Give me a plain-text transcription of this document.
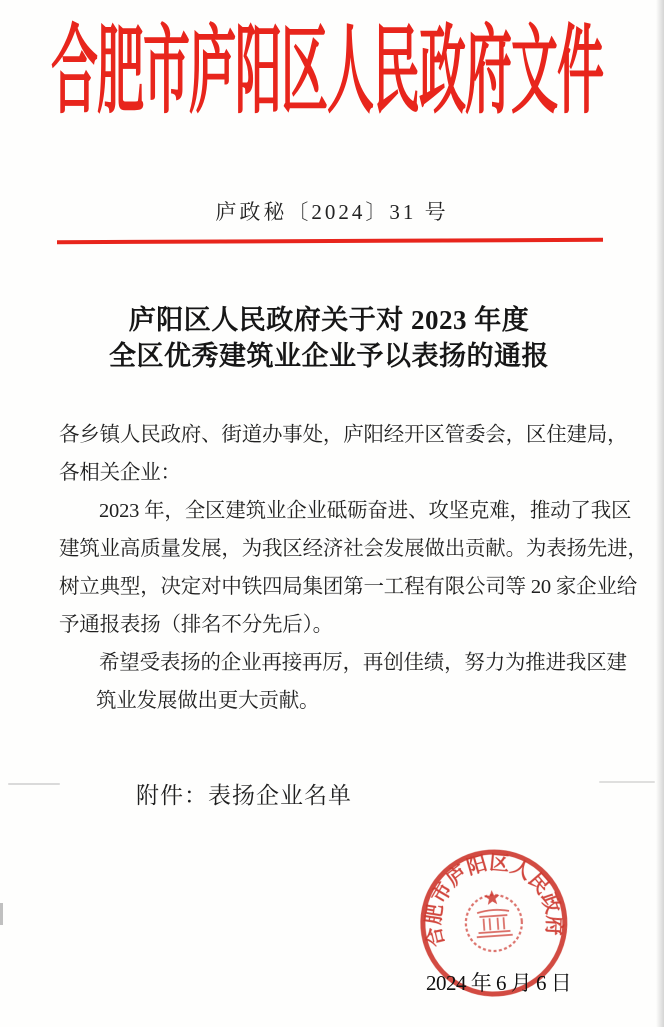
合肥市庐阳区人民政府文件
庐政秘〔2024〕31 号
庐阳区人民政府关于对 2023 年度
全区优秀建筑业企业予以表扬的通报
各乡镇人民政府、街道办事处，庐阳经开区管委会，区住建局，
各相关企业：
2023 年，全区建筑业企业砥砺奋进、攻坚克难，推动了我区
建筑业高质量发展，为我区经济社会发展做出贡献。为表扬先进，
树立典型，决定对中铁四局集团第一工程有限公司等 20 家企业给
予通报表扬（排名不分先后）。
希望受表扬的企业再接再厉，再创佳绩，努力为推进我区建
筑业发展做出更大贡献。
附件：表扬企业名单
合肥市庐阳区人民政府
2024 年 6 月 6 日
